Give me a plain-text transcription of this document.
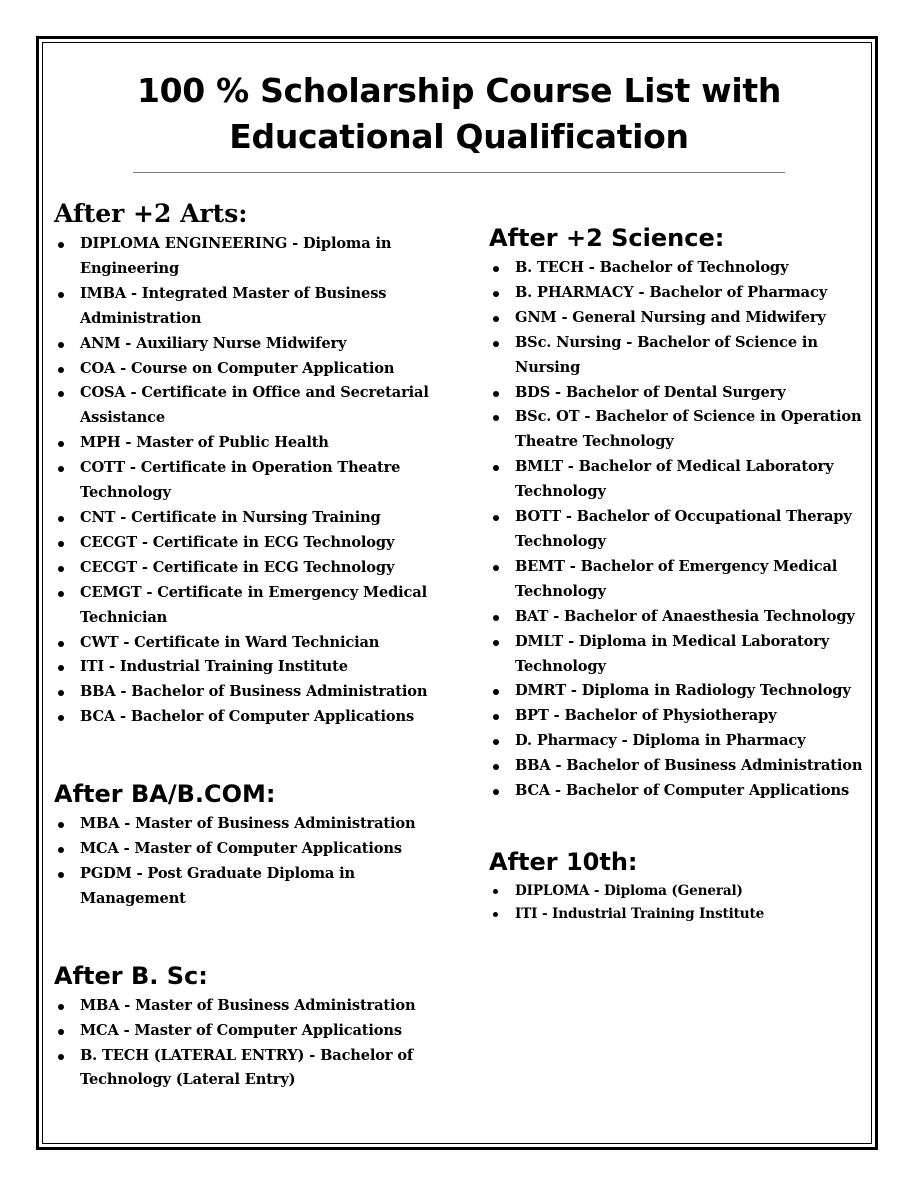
100 % Scholarship Course List with
Educational Qualification
After +2 Arts:
DIPLOMA ENGINEERING - Diploma in Engineering
IMBA - Integrated Master of Business Administration
ANM - Auxiliary Nurse Midwifery
COA - Course on Computer Application
COSA - Certificate in Office and Secretarial Assistance
MPH - Master of Public Health
COTT - Certificate in Operation Theatre Technology
CNT - Certificate in Nursing Training
CECGT - Certificate in ECG Technology
CECGT - Certificate in ECG Technology
CEMGT - Certificate in Emergency Medical Technician
CWT - Certificate in Ward Technician
ITI - Industrial Training Institute
BBA - Bachelor of Business Administration
BCA - Bachelor of Computer Applications
After BA/B.COM:
MBA - Master of Business Administration
MCA - Master of Computer Applications
PGDM - Post Graduate Diploma in Management
After B. Sc:
MBA - Master of Business Administration
MCA - Master of Computer Applications
B. TECH (LATERAL ENTRY) - Bachelor of Technology (Lateral Entry)
After +2 Science:
B. TECH - Bachelor of Technology
B. PHARMACY - Bachelor of Pharmacy
GNM - General Nursing and Midwifery
BSc. Nursing - Bachelor of Science in Nursing
BDS - Bachelor of Dental Surgery
BSc. OT - Bachelor of Science in Operation Theatre Technology
BMLT - Bachelor of Medical Laboratory Technology
BOTT - Bachelor of Occupational Therapy Technology
BEMT - Bachelor of Emergency Medical Technology
BAT - Bachelor of Anaesthesia Technology
DMLT - Diploma in Medical Laboratory Technology
DMRT - Diploma in Radiology Technology
BPT - Bachelor of Physiotherapy
D. Pharmacy - Diploma in Pharmacy
BBA - Bachelor of Business Administration
BCA - Bachelor of Computer Applications
After 10th:
DIPLOMA - Diploma (General)
ITI - Industrial Training Institute
